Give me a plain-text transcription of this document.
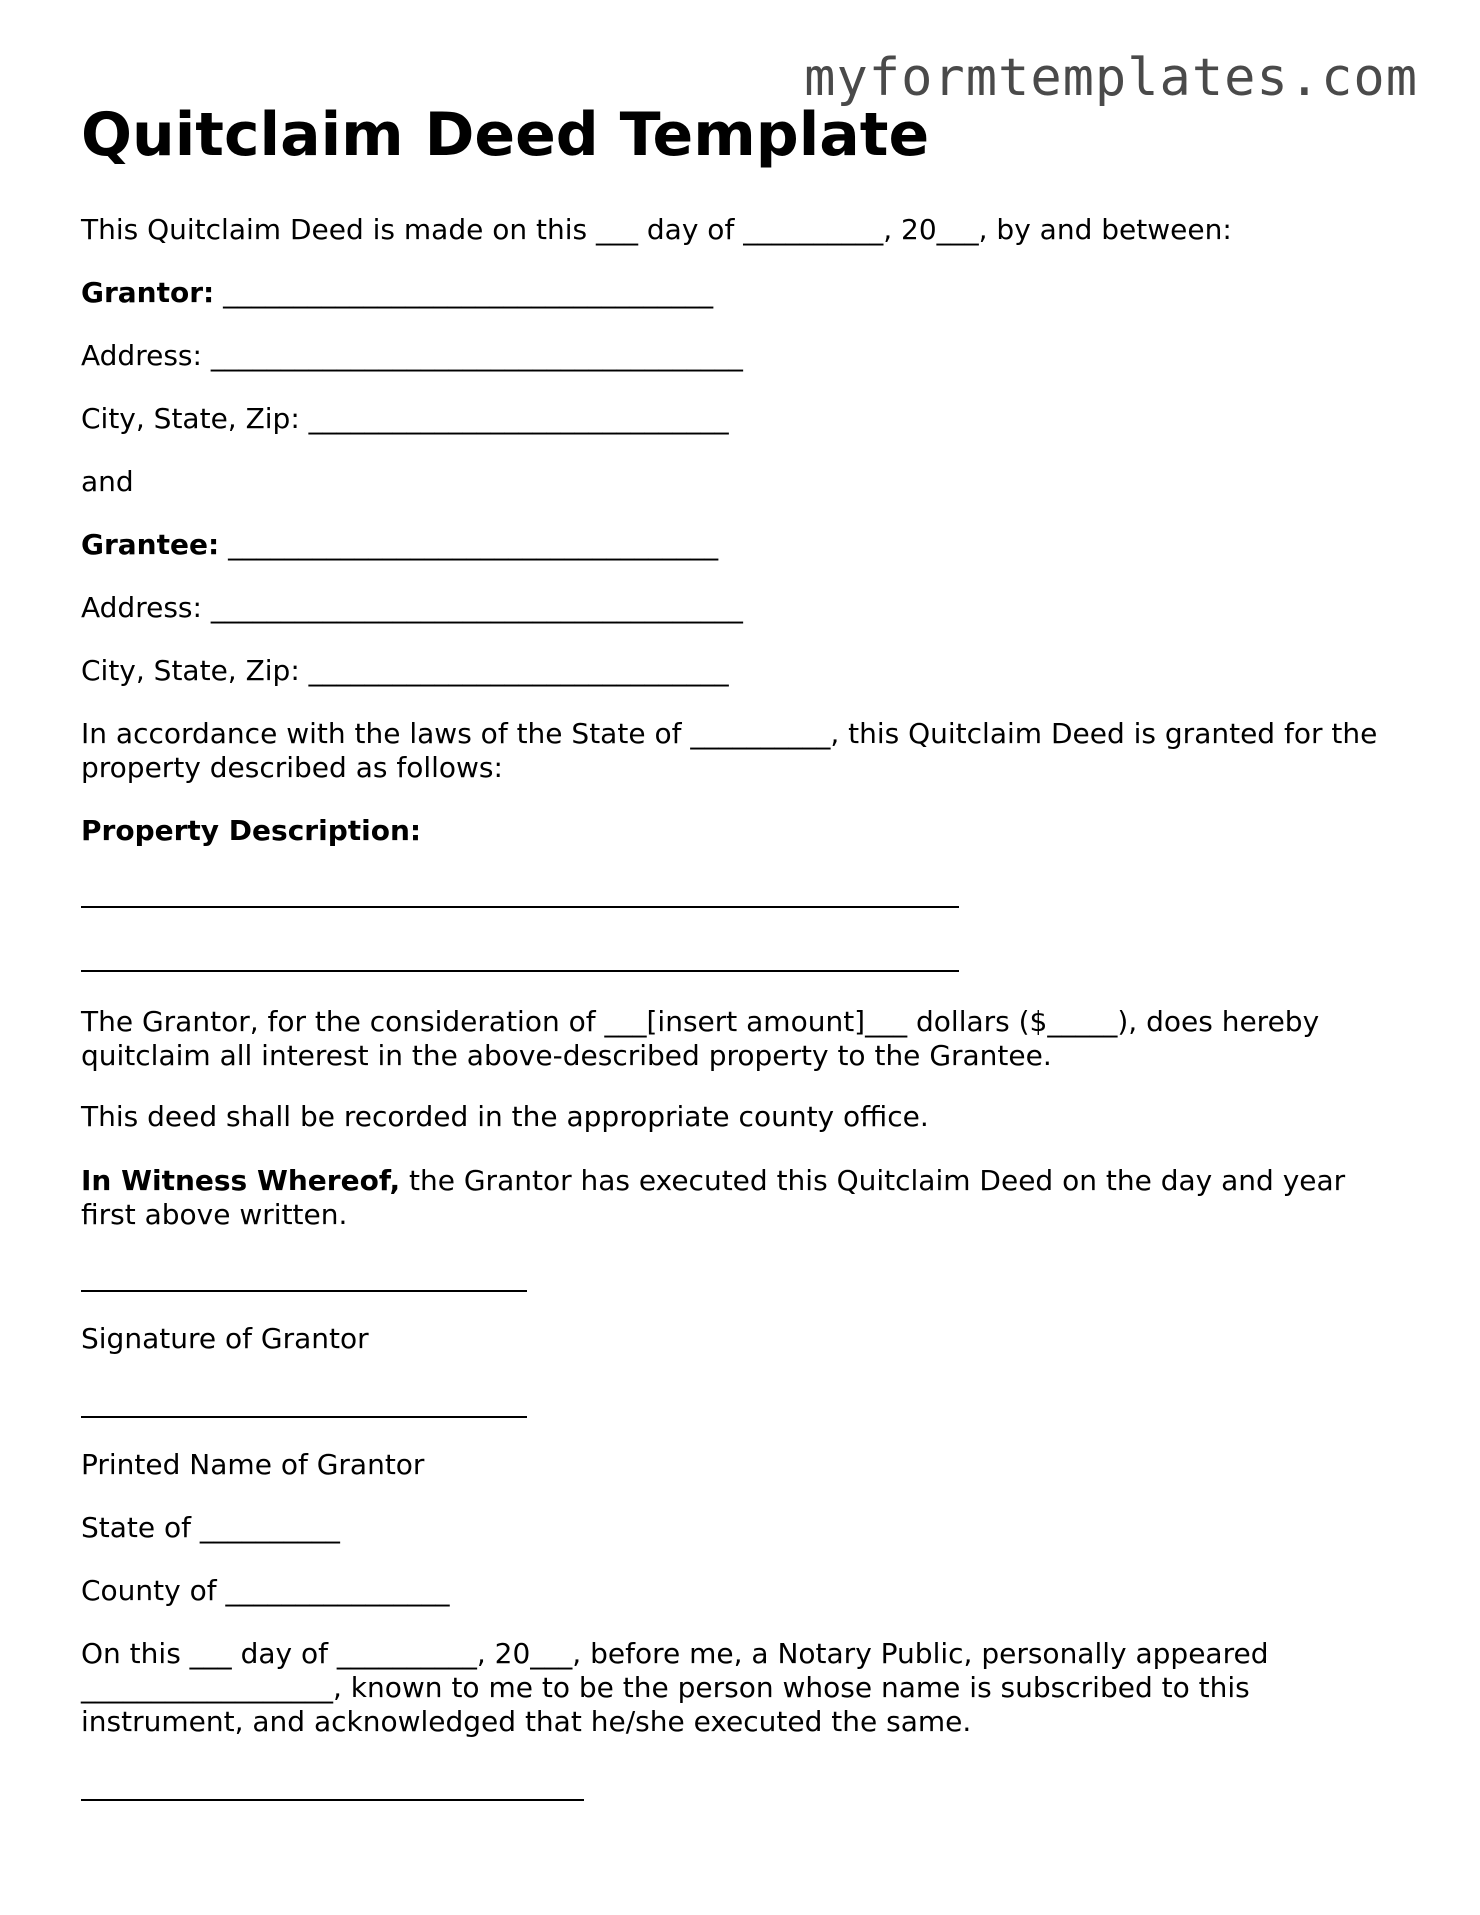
myformtemplates.com
Quitclaim Deed Template
This Quitclaim Deed is made on this ___ day of __________, 20___, by and between:
Grantor: ___________________________________
Address: ______________________________________
City, State, Zip: ______________________________
and
Grantee: ___________________________________
Address: ______________________________________
City, State, Zip: ______________________________
In accordance with the laws of the State of __________, this Quitclaim Deed is granted for the property described as follows:
Property Description:
The Grantor, for the consideration of ___[insert amount]___ dollars ($_____), does hereby quitclaim all interest in the above-described property to the Grantee.
This deed shall be recorded in the appropriate county office.
In Witness Whereof, the Grantor has executed this Quitclaim Deed on the day and year first above written.
Signature of Grantor
Printed Name of Grantor
State of __________
County of ________________
On this ___ day of __________, 20___, before me, a Notary Public, personally appeared __________________, known to me to be the person whose name is subscribed to this instrument, and acknowledged that he/she executed the same.
